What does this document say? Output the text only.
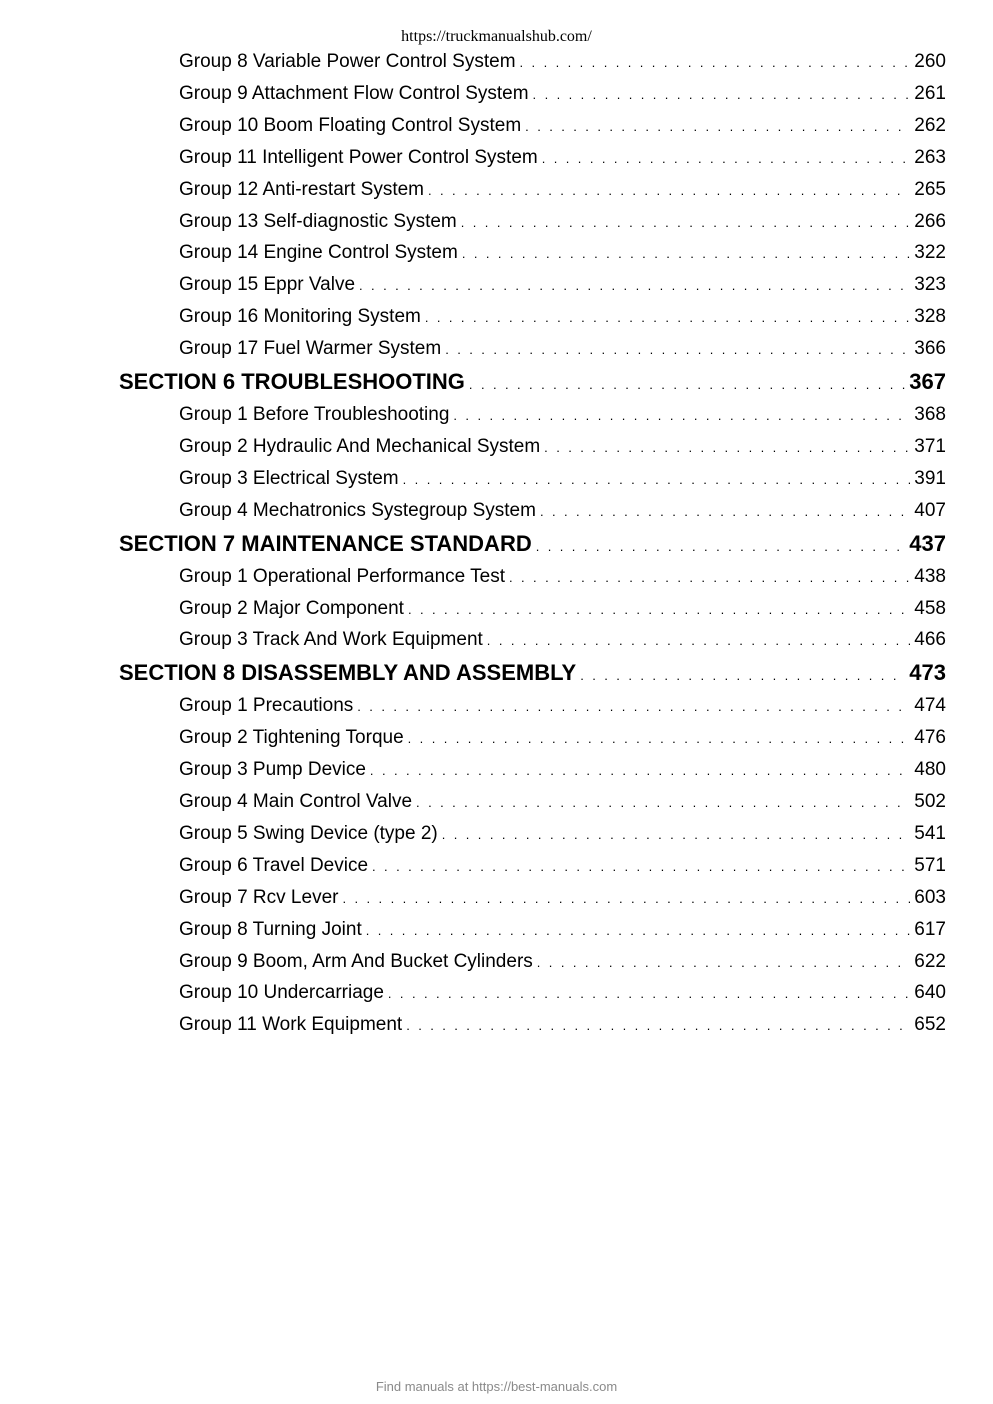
https://truckmanualshub.com/
Group 8 Variable Power Control System . . .	260
Group 9 Attachment Flow Control System . . .	261
Group 10 Boom Floating Control System . . .	262
Group 11 Intelligent Power Control System . . .	263
Group 12 Anti-restart System . . .	265
Group 13 Self-diagnostic System . . .	266
Group 14 Engine Control System . . .	322
Group 15 Eppr Valve . . .	323
Group 16 Monitoring System . . .	328
Group 17 Fuel Warmer System . . .	366
SECTION 6 TROUBLESHOOTING . . .	367
Group 1 Before Troubleshooting . . .	368
Group 2 Hydraulic And Mechanical System . . .	371
Group 3 Electrical System . . .	391
Group 4 Mechatronics Systegroup System . . .	407
SECTION 7 MAINTENANCE STANDARD . . .	437
Group 1 Operational Performance Test . . .	438
Group 2 Major Component . . .	458
Group 3 Track And Work Equipment . . .	466
SECTION 8 DISASSEMBLY AND ASSEMBLY . . .	473
Group 1 Precautions . . .	474
Group 2 Tightening Torque . . .	476
Group 3 Pump Device . . .	480
Group 4 Main Control Valve . . .	502
Group 5 Swing Device (type 2) . . .	541
Group 6 Travel Device . . .	571
Group 7 Rcv Lever . . .	603
Group 8 Turning Joint . . .	617
Group 9 Boom, Arm And Bucket Cylinders . . .	622
Group 10 Undercarriage . . .	640
Group 11 Work Equipment . . .	652
Find manuals at https://best-manuals.com
